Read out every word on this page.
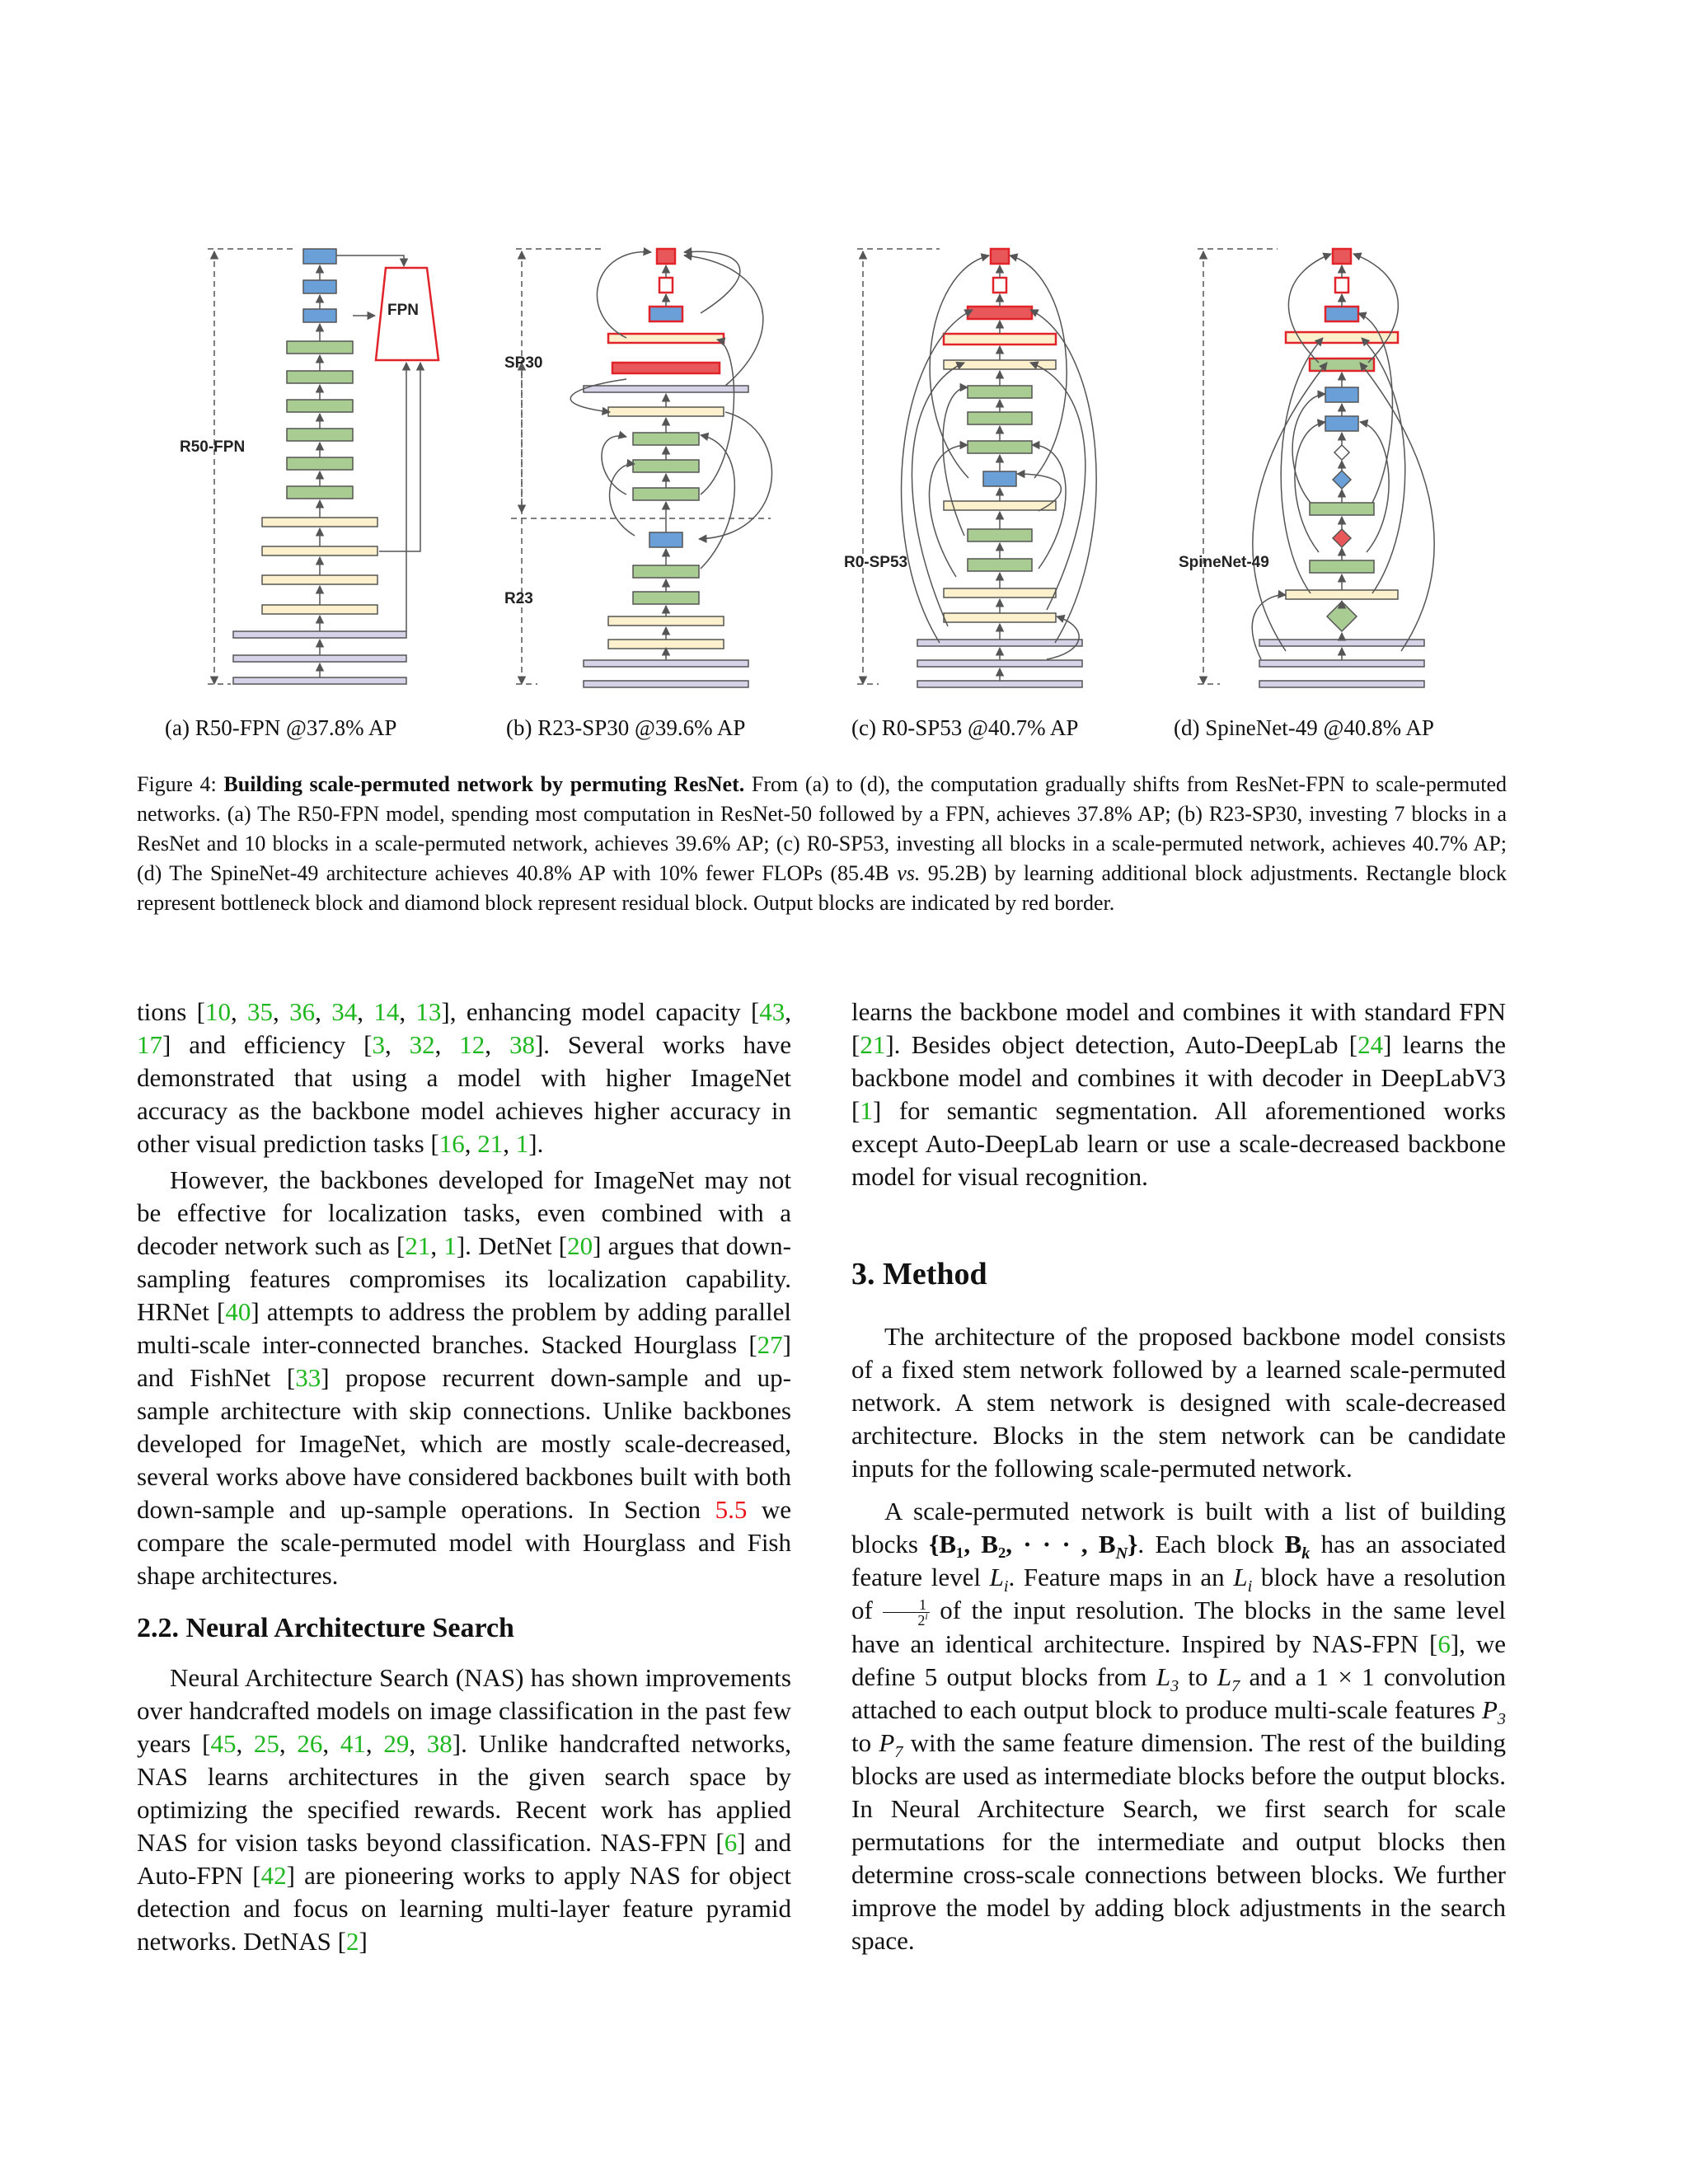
R50-FPN
FPN
SP30
R23
R0-SP53	SpineNet-49
(a) R50-FPN @37.8% AP	(b) R23-SP30 @39.6% AP	(c) R0-SP53 @40.7% AP	(d) SpineNet-49 @40.8% AP
Figure 4: Building scale-permuted network by permuting ResNet. From (a) to (d), the computation gradually shifts from ResNet-FPN to scale-permuted networks. (a) The R50-FPN model, spending most computation in ResNet-50 followed by a FPN, achieves 37.8% AP; (b) R23-SP30, investing 7 blocks in a ResNet and 10 blocks in a scale-permuted network, achieves 39.6% AP; (c) R0-SP53, investing all blocks in a scale-permuted network, achieves 40.7% AP; (d) The SpineNet-49 architecture achieves 40.8% AP with 10% fewer FLOPs (85.4B vs. 95.2B) by learning additional block adjustments. Rectangle block represent bottleneck block and diamond block represent residual block. Output blocks are indicated by red border.

tions [10, 35, 36, 34, 14, 13], enhancing model capacity [43, 17] and efficiency [3, 32, 12, 38]. Several works have demonstrated that using a model with higher ImageNet accuracy as the backbone model achieves higher accuracy in other visual prediction tasks [16, 21, 1].

However, the backbones developed for ImageNet may not be effective for localization tasks, even combined with a decoder network such as [21, 1]. DetNet [20] argues that down-sampling features compromises its localization capability. HRNet [40] attempts to address the problem by adding parallel multi-scale inter-connected branches. Stacked Hourglass [27] and FishNet [33] propose recurrent down-sample and up-sample architecture with skip connections. Unlike backbones developed for ImageNet, which are mostly scale-decreased, several works above have considered backbones built with both down-sample and up-sample operations. In Section 5.5 we compare the scale-permuted model with Hourglass and Fish shape architectures.

2.2. Neural Architecture Search

Neural Architecture Search (NAS) has shown improvements over handcrafted models on image classification in the past few years [45, 25, 26, 41, 29, 38]. Unlike handcrafted networks, NAS learns architectures in the given search space by optimizing the specified rewards. Recent work has applied NAS for vision tasks beyond classification. NAS-FPN [6] and Auto-FPN [42] are pioneering works to apply NAS for object detection and focus on learning multi-layer feature pyramid networks. DetNAS [2]

learns the backbone model and combines it with standard FPN [21]. Besides object detection, Auto-DeepLab [24] learns the backbone model and combines it with decoder in DeepLabV3 [1] for semantic segmentation. All aforementioned works except Auto-DeepLab learn or use a scale-decreased backbone model for visual recognition.

3. Method

The architecture of the proposed backbone model consists of a fixed stem network followed by a learned scale-permuted network. A stem network is designed with scale-decreased architecture. Blocks in the stem network can be candidate inputs for the following scale-permuted network.

A scale-permuted network is built with a list of building blocks {B₁, B₂, · · · , $B_N$}. Each block $B_k$ has an associated feature level $L_i$. Feature maps in an $L_i$ block have a resolution of $\frac{1}{2^i}$ of the input resolution. The blocks in the same level have an identical architecture. Inspired by NAS-FPN [6], we define 5 output blocks from $L_3$ to $L_7$ and a 1 × 1 convolution attached to each output block to produce multi-scale features $P_3$ to $P_7$ with the same feature dimension. The rest of the building blocks are used as intermediate blocks before the output blocks. In Neural Architecture Search, we first search for scale permutations for the intermediate and output blocks then determine cross-scale connections between blocks. We further improve the model by adding block adjustments in the search space.
